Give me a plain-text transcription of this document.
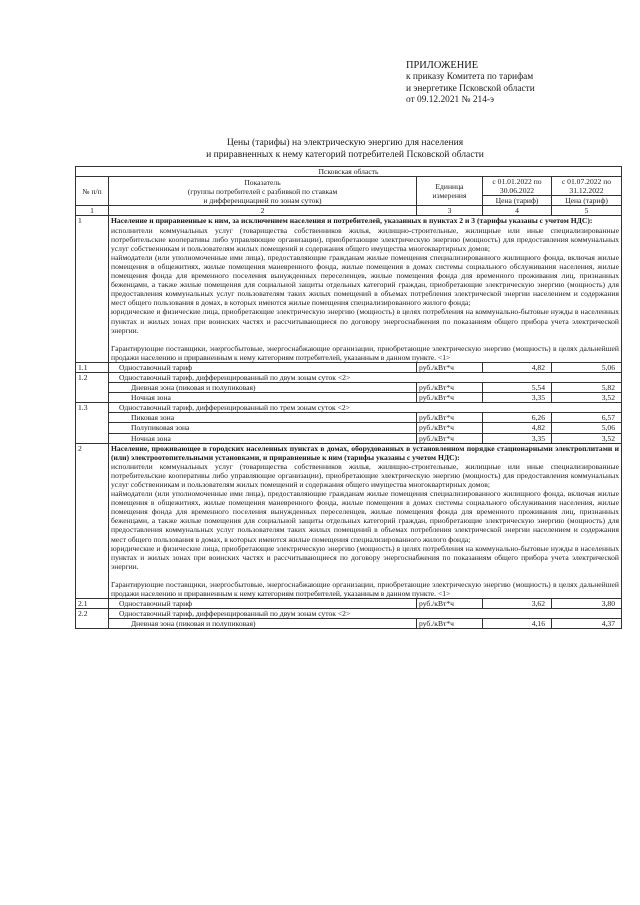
ПРИЛОЖЕНИЕ
к приказу Комитета по тарифам
и энергетике Псковской области
от 09.12.2021 № 214-э
Цены (тарифы) на электрическую энергию для населения
и приравненных к нему категорий потребителей Псковской области
Псковская область				
№ п/п	Показатель
(группы потребителей с разбивкой по ставкам
и дифференциацией по зонам суток)	Единица измерения	с 01.01.2022 по 30.06.2022	с 01.07.2022 по 31.12.2022
			Цена (тариф)	Цена (тариф)
1	2	3	4	5
1	Население и приравненные к ним, за исключением населения и потребителей, указанных в пунктах 2 и 3 (тарифы указаны с учетом НДС):

исполнители коммунальных услуг (товарищества собственников жилья, жилищно-строительные, жилищные или иные специализированные потребительские кооперативы либо управляющие организации), приобретающие электрическую энергию (мощность) для предоставления коммунальных услуг собственникам и пользователям жилых помещений и содержания общего имущества многоквартирных домов;

наймодатели (или уполномоченные ими лица), предоставляющие гражданам жилые помещения специализированного жилищного фонда, включая жилые помещения в общежитиях, жилые помещения маневренного фонда, жилые помещения в домах системы социального обслуживания населения, жилые помещения фонда для временного поселения вынужденных переселенцев, жилые помещения фонда для временного проживания лиц, признанных беженцами, а также жилые помещения для социальной защиты отдельных категорий граждан, приобретающие электрическую энергию (мощность) для предоставления коммунальных услуг пользователям таких жилых помещений в объемах потребления электрической энергии населением и содержания мест общего пользования в домах, в которых имеются жилые помещения специализированного жилого фонда;

юридические и физические лица, приобретающие электрическую энергию (мощность) в целях потребления на коммунально-бытовые нужды в населенных пунктах и жилых зонах при воинских частях и рассчитывающиеся по договору энергоснабжения по показаниям общего прибора учета электрической энергии.

Гарантирующие поставщики, энергосбытовые, энергоснабжающие организации, приобретающие электрическую энергию (мощность) в целях дальнейшей продажи населению и приравненным к нему категориям потребителей, указанным в данном пункте. <1>			

1.1	Одноставочный тариф	руб./кВт*ч	4,82	5,06
1.2	Одноставочный тариф, дифференцированный по двум зонам суток <2>			
	Дневная зона (пиковая и полупиковая)	руб./кВт*ч	5,54	5,82
	Ночная зона	руб./кВт*ч	3,35	3,52
1.3	Одноставочный тариф, дифференцированный по трем зонам суток <2>			
	Пиковая зона	руб./кВт*ч	6,26	6,57
	Полупиковая зона	руб./кВт*ч	4,82	5,06
	Ночная зона	руб./кВт*ч	3,35	3,52
2	Население, проживающее в городских населенных пунктах в домах, оборудованных в установленном порядке стационарными электроплитами и (или) электроотопительными установками, и приравненные к ним (тарифы указаны с учетом НДС):

исполнители коммунальных услуг (товарищества собственников жилья, жилищно-строительные, жилищные или иные специализированные потребительские кооперативы либо управляющие организации), приобретающие электрическую энергию (мощность) для предоставления коммунальных услуг собственникам и пользователям жилых помещений и содержания общего имущества многоквартирных домов;

наймодатели (или уполномоченные ими лица), предоставляющие гражданам жилые помещения специализированного жилищного фонда, включая жилые помещения в общежитиях, жилые помещения маневренного фонда, жилые помещения в домах системы социального обслуживания населения, жилые помещения фонда для временного поселения вынужденных переселенцев, жилые помещения фонда для временного проживания лиц, признанных беженцами, а также жилые помещения для социальной защиты отдельных категорий граждан, приобретающие электрическую энергию (мощность) для предоставления коммунальных услуг пользователям таких жилых помещений в объемах потребления электрической энергии населением и содержания мест общего пользования в домах, в которых имеются жилые помещения специализированного жилого фонда;

юридические и физические лица, приобретающие электрическую энергию (мощность) в целях потребления на коммунально-бытовые нужды в населенных пунктах и жилых зонах при воинских частях и рассчитывающиеся по договору энергоснабжения по показаниям общего прибора учета электрической энергии.

Гарантирующие поставщики, энергосбытовые, энергоснабжающие организации, приобретающие электрическую энергию (мощность) в целях дальнейшей продажи населению и приравненным к нему категориям потребителей, указанным в данном пункте. <1>			

2.1	Одноставочный тариф	руб./кВт*ч	3,62	3,80
2.2	Одноставочный тариф, дифференцированный по двум зонам суток <2>			
	Дневная зона (пиковая и полупиковая)	руб./кВт*ч	4,16	4,37
